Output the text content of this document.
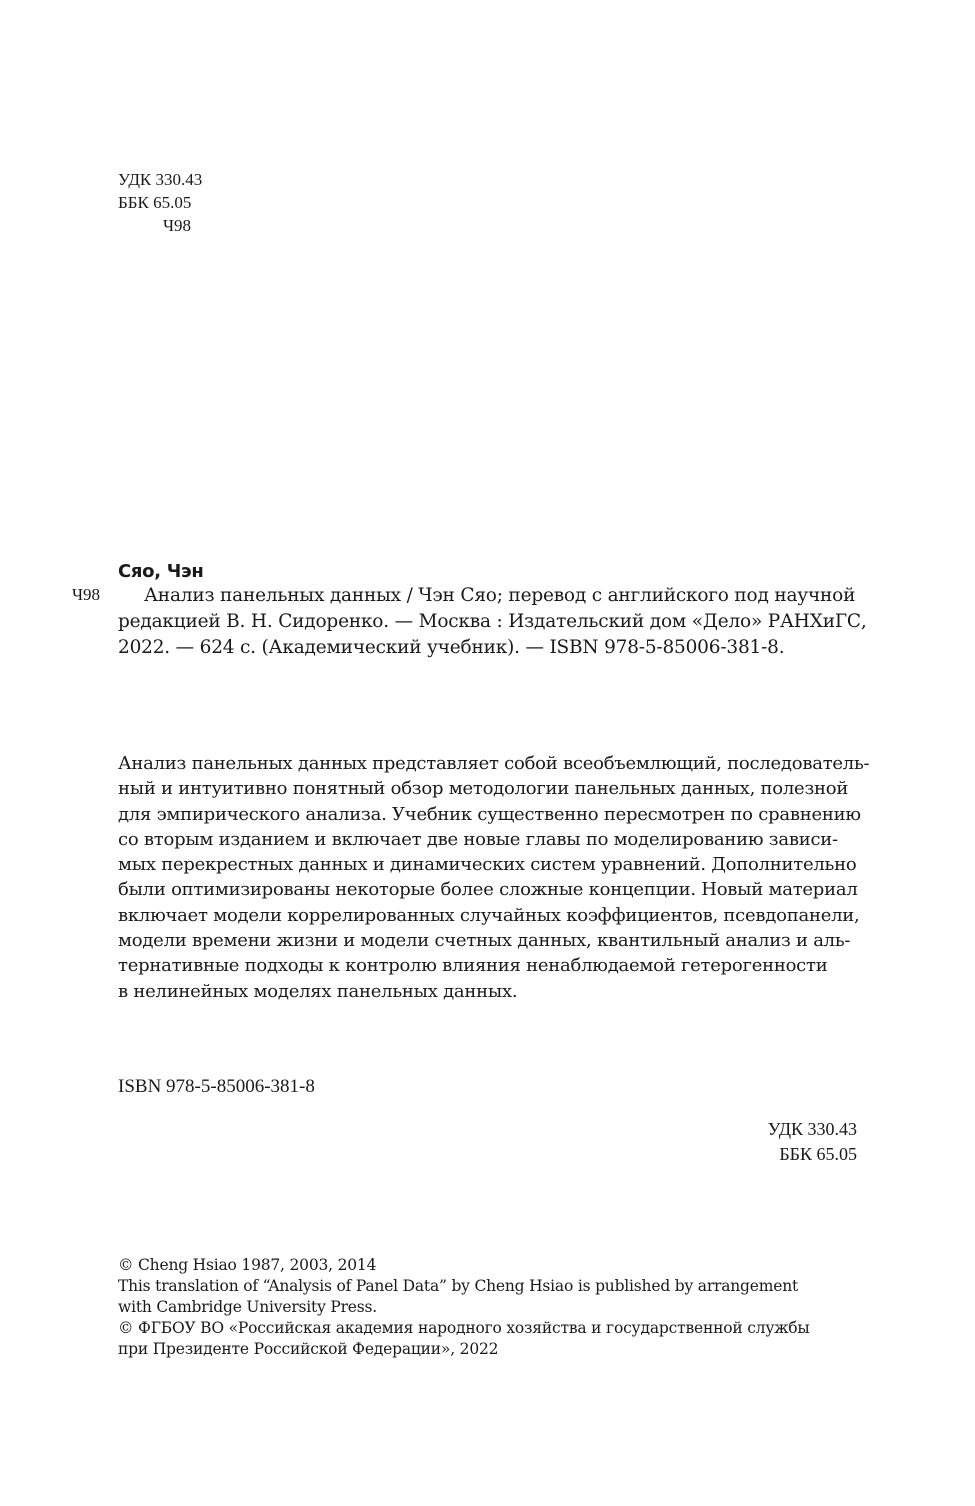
УДК 330.43
ББК 65.05
Ч98
Сяо, Чэн
Ч98	Анализ панельных данных / Чэн Сяо; перевод с английского под научной
редакцией В. Н. Сидоренко. — Москва : Издательский дом «Дело» РАНХиГС,
2022. — 624 с. (Академический учебник). — ISBN 978-5-85006-381-8.
Анализ панельных данных представляет собой всеобъемлющий, последователь-
ный и интуитивно понятный обзор методологии панельных данных, полезной
для эмпирического анализа. Учебник существенно пересмотрен по сравнению
со вторым изданием и включает две новые главы по моделированию зависи-
мых перекрестных данных и динамических систем уравнений. Дополнительно
были оптимизированы некоторые более сложные концепции. Новый материал
включает модели коррелированных случайных коэффициентов, псевдопанели,
модели времени жизни и модели счетных данных, квантильный анализ и аль-
тернативные подходы к контролю влияния ненаблюдаемой гетерогенности
в нелинейных моделях панельных данных.
ISBN 978-5-85006-381-8
УДК 330.43
ББК 65.05
© Cheng Hsiao 1987, 2003, 2014
This translation of “Analysis of Panel Data” by Cheng Hsiao is published by arrangement
with Cambridge University Press.
© ФГБОУ ВО «Российская академия народного хозяйства и государственной службы
при Президенте Российской Федерации», 2022
